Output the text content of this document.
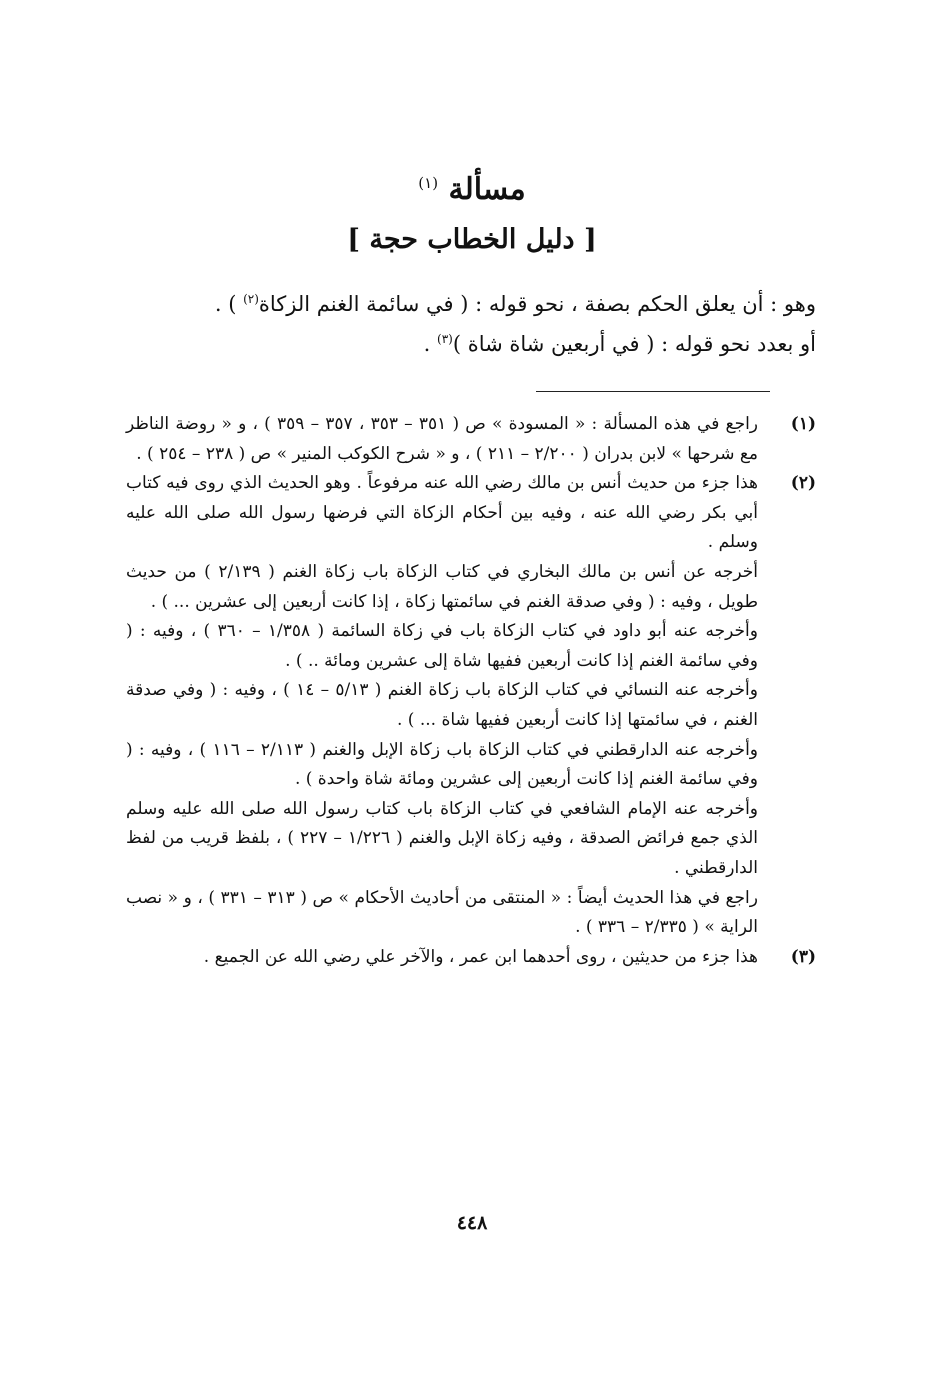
مسألة $^{(١)}$
[ دليل الخطاب حجة ]

وهو : أن يعلق الحكم بصفة ، نحو قوله : ( في سائمة الغنم الزكاة$^{(٢)}$ ) .

أو بعدد نحو قوله : ( في أربعين شاة شاة )$^{(٣)}$ .

(١)
راجع في هذه المسألة : « المسودة » ص ( ٣٥١ – ٣٥٣ ، ٣٥٧ – ٣٥٩ ) ، و « روضة الناظر مع شرحها » لابن بدران ( ٢/٢٠٠ – ٢١١ ) ، و « شرح الكوكب المنير » ص ( ٢٣٨ – ٢٥٤ ) .
(٢)
هذا جزء من حديث أنس بن مالك رضي الله عنه مرفوعاً . وهو الحديث الذي روى فيه كتاب أبي بكر رضي الله عنه ، وفيه بين أحكام الزكاة التي فرضها رسول الله صلى الله عليه وسلم .
أخرجه عن أنس بن مالك البخاري في كتاب الزكاة باب زكاة الغنم ( ٢/١٣٩ ) من حديث طويل ، وفيه : ( وفي صدقة الغنم في سائمتها زكاة ، إذا كانت أربعين إلى عشرين ... ) .
وأخرجه عنه أبو داود في كتاب الزكاة باب في زكاة السائمة ( ١/٣٥٨ – ٣٦٠ ) ، وفيه : ( وفي سائمة الغنم إذا كانت أربعين ففيها شاة إلى عشرين ومائة .. ) .
وأخرجه عنه النسائي في كتاب الزكاة باب زكاة الغنم ( ٥/١٣ – ١٤ ) ، وفيه : ( وفي صدقة الغنم ، في سائمتها إذا كانت أربعين ففيها شاة ... ) .
وأخرجه عنه الدارقطني في كتاب الزكاة باب زكاة الإبل والغنم ( ٢/١١٣ – ١١٦ ) ، وفيه : ( وفي سائمة الغنم إذا كانت أربعين إلى عشرين ومائة شاة واحدة ) .
وأخرجه عنه الإمام الشافعي في كتاب الزكاة باب كتاب رسول الله صلى الله عليه وسلم الذي جمع فرائض الصدقة ، وفيه زكاة الإبل والغنم ( ١/٢٢٦ – ٢٢٧ ) ، بلفظ قريب من لفظ الدارقطني .
راجع في هذا الحديث أيضاً : « المنتقى من أحاديث الأحكام » ص ( ٣١٣ – ٣٣١ ) ، و « نصب الراية » ( ٢/٣٣٥ – ٣٣٦ ) .
(٣)
هذا جزء من حديثين ، روى أحدهما ابن عمر ، والآخر علي رضي الله عن الجميع .
٤٤٨
